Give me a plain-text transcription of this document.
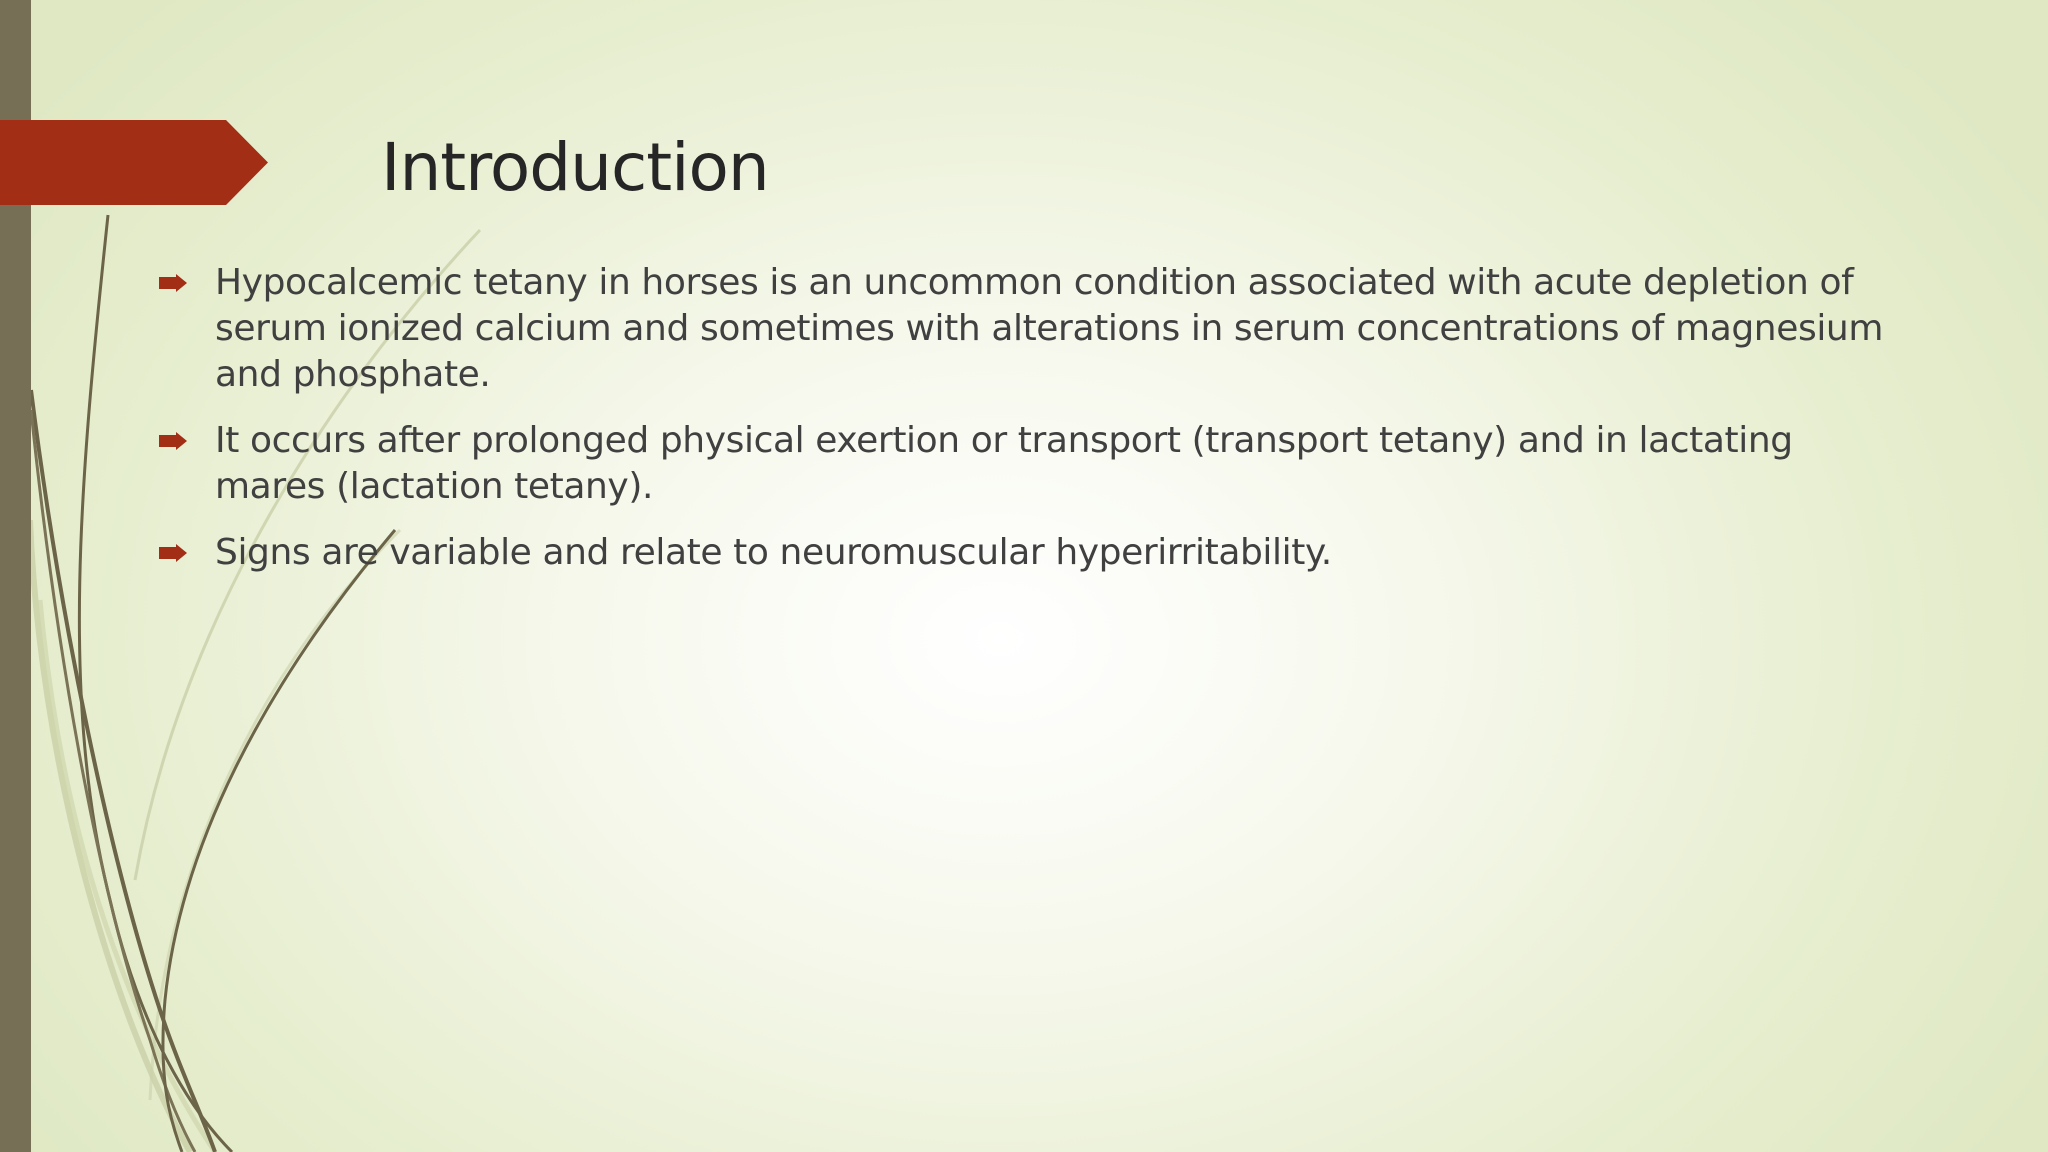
Introduction
Hypocalcemic tetany in horses is an uncommon condition associated with acute depletion of serum ionized calcium and sometimes with alterations in serum concentrations of magnesium and phosphate.
It occurs after prolonged physical exertion or transport (transport tetany) and in lactating mares (lactation tetany).
Signs are variable and relate to neuromuscular hyperirritability.
